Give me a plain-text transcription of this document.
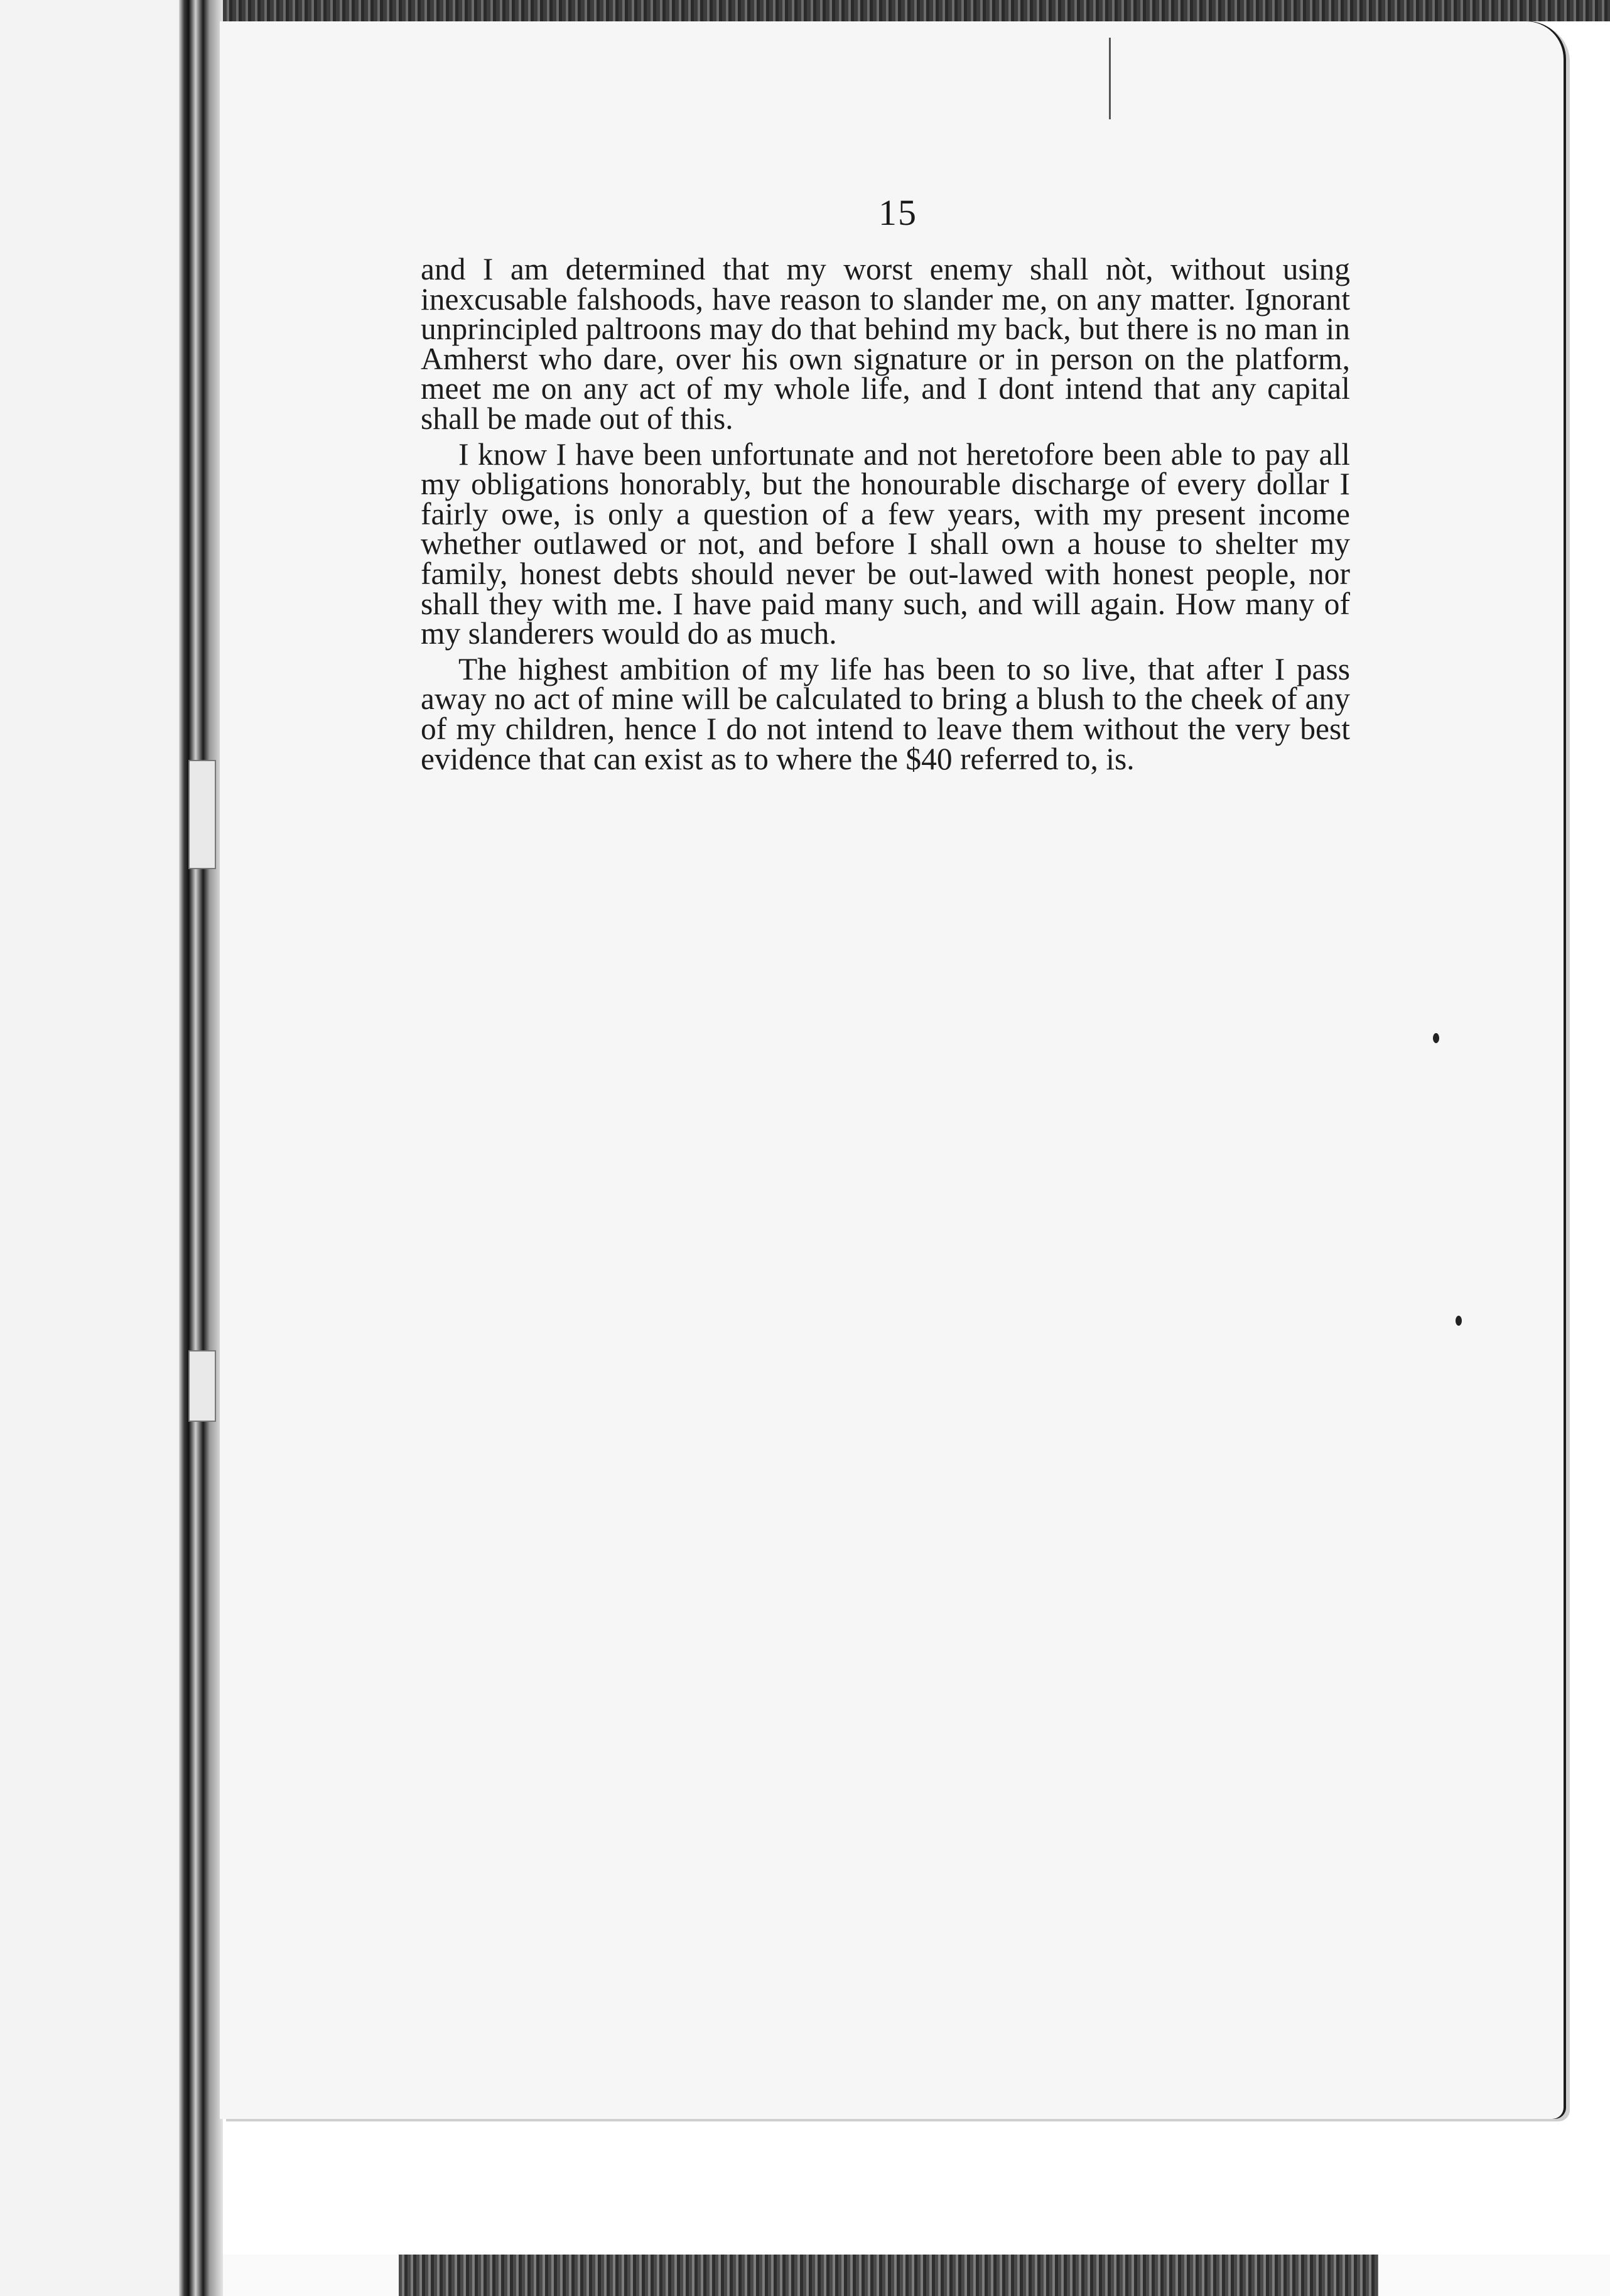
15

and I am determined that my worst enemy shall nòt, without using inexcusable falshoods, have reason to slander me, on any matter. Ignorant unprincipled paltroons may do that behind my back, but there is no man in Amherst who dare, over his own signature or in person on the platform, meet me on any act of my whole life, and I dont intend that any capital shall be made out of this.

I know I have been unfortunate and not heretofore been able to pay all my obligations honorably, but the honourable discharge of every dollar I fairly owe, is only a question of a few years, with my present income whether outlawed or not, and before I shall own a house to shelter my family, honest debts should never be out-lawed with honest people, nor shall they with me. I have paid many such, and will again. How many of my slanderers would do as much.

The highest ambition of my life has been to so live, that after I pass away no act of mine will be calculated to bring a blush to the cheek of any of my children, hence I do not intend to leave them without the very best evidence that can exist as to where the $40 referred to, is.
